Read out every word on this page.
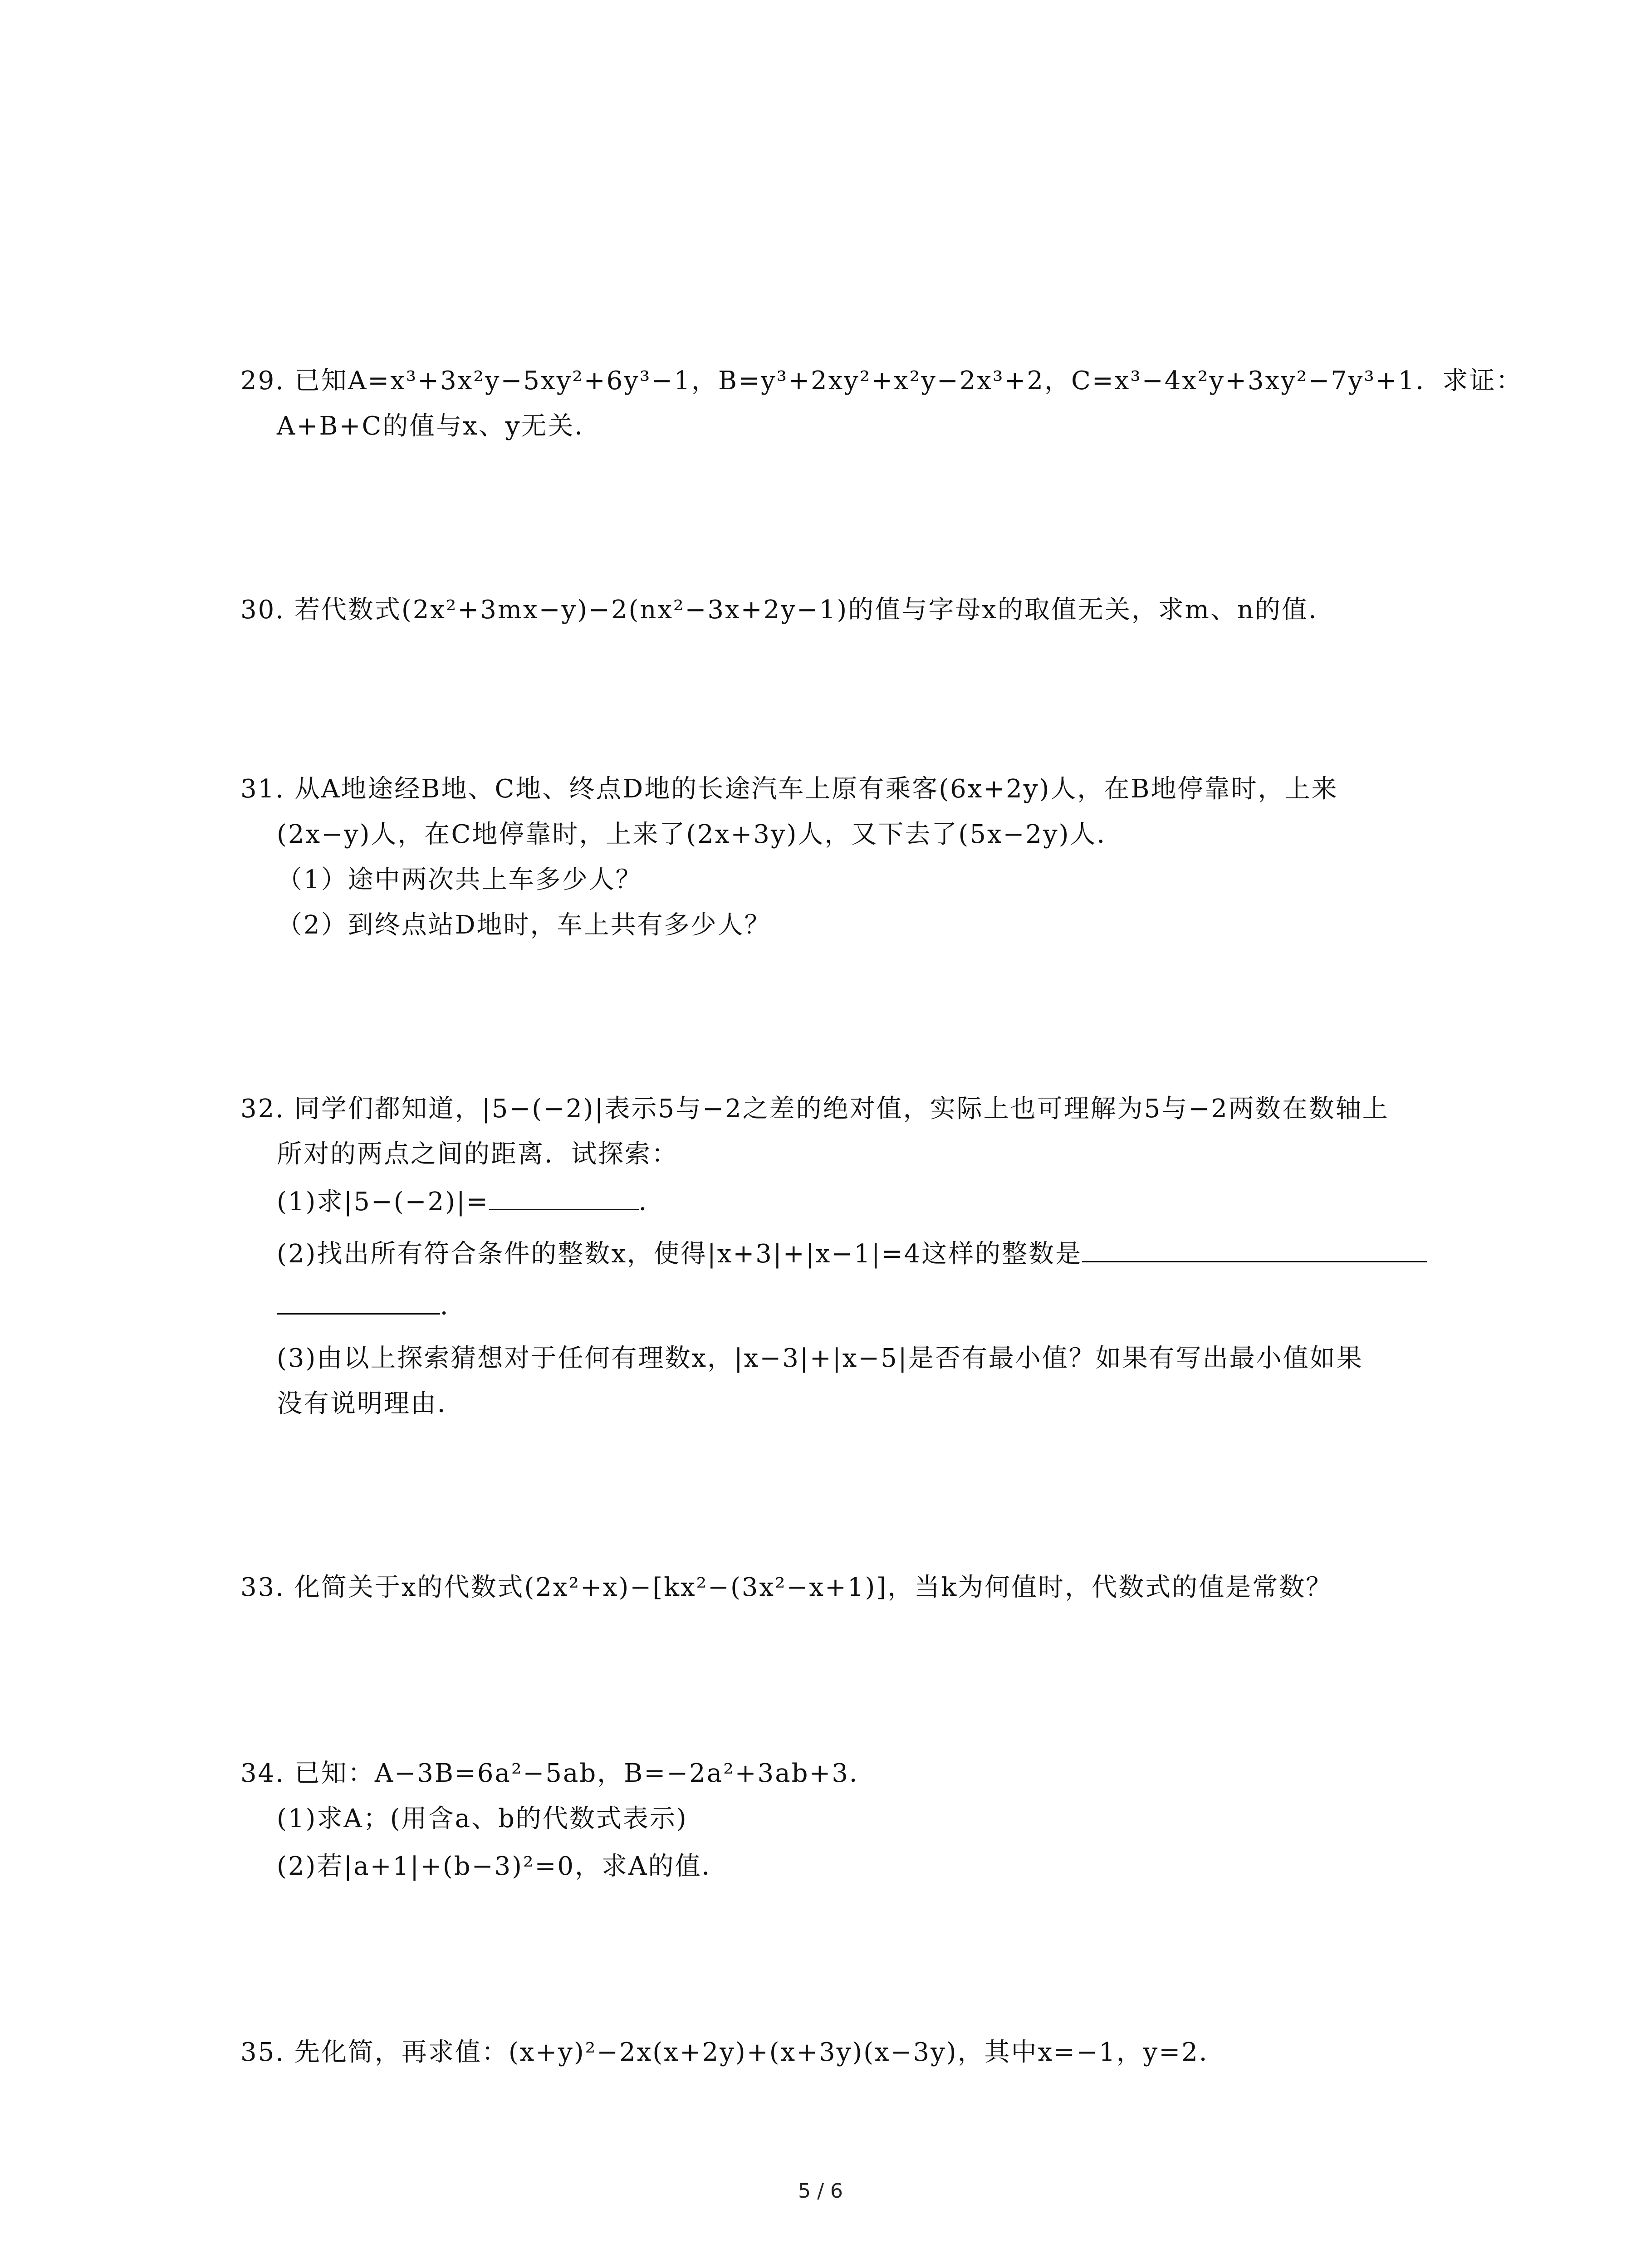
29. 已知A=x³+3x²y−5xy²+6y³−1，B=y³+2xy²+x²y−2x³+2，C=x³−4x²y+3xy²−7y³+1．求证：
A+B+C的值与x、y无关．
30. 若代数式(2x²+3mx−y)−2(nx²−3x+2y−1)的值与字母x的取值无关，求m、n的值．
31. 从A地途经B地、C地、终点D地的长途汽车上原有乘客(6x+2y)人，在B地停靠时，上来
(2x−y)人，在C地停靠时，上来了(2x+3y)人，又下去了(5x−2y)人．
（1）途中两次共上车多少人？
（2）到终点站D地时，车上共有多少人？
32. 同学们都知道，|5−(−2)|表示5与−2之差的绝对值，实际上也可理解为5与−2两数在数轴上
所对的两点之间的距离．试探索：
(1)求|5−(−2)|=	．
(2)找出所有符合条件的整数x，使得|x+3|+|x−1|=4这样的整数是
．
(3)由以上探索猜想对于任何有理数x，|x−3|+|x−5|是否有最小值？如果有写出最小值如果
没有说明理由．
33. 化简关于x的代数式(2x²+x)−[kx²−(3x²−x+1)]，当k为何值时，代数式的值是常数？
34. 已知：A−3B=6a²−5ab，B=−2a²+3ab+3．
(1)求A；(用含a、b的代数式表示)
(2)若|a+1|+(b−3)²=0，求A的值．
35. 先化简，再求值：(x+y)²−2x(x+2y)+(x+3y)(x−3y)，其中x=−1，y=2．
5 / 6
